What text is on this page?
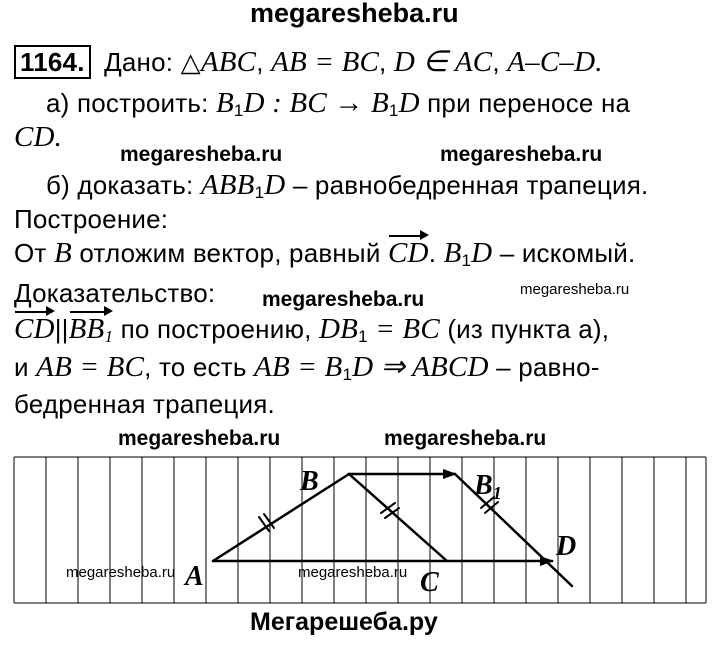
megaresheba.ru
megaresheba.ru	megaresheba.ru
megaresheba.ru	megaresheba.ru
1164. Дано: △ABC, AB = BC, D ∈ AC, A–C–D.
а) построить: $B_1D$ : BC → $B_1D$ при переносе на
CD.
б) доказать: $ABB_1D$ – равнобедренная трапеция.
Построение:
От B отложим вектор, равный CD. $B_1D$ – искомый.
Доказательство:
$CD||BB_1$ по построению, $DB_1$ = BC (из пункта а),
и AB = BC, то есть AB = $B_1D$ ⇒ ABCD – равно-
бедренная трапеция.
A
B	B1
C
D
megaresheba.ru	megaresheba.ru
megaresheba.ru	megaresheba.ru
Мегарешеба.ру
